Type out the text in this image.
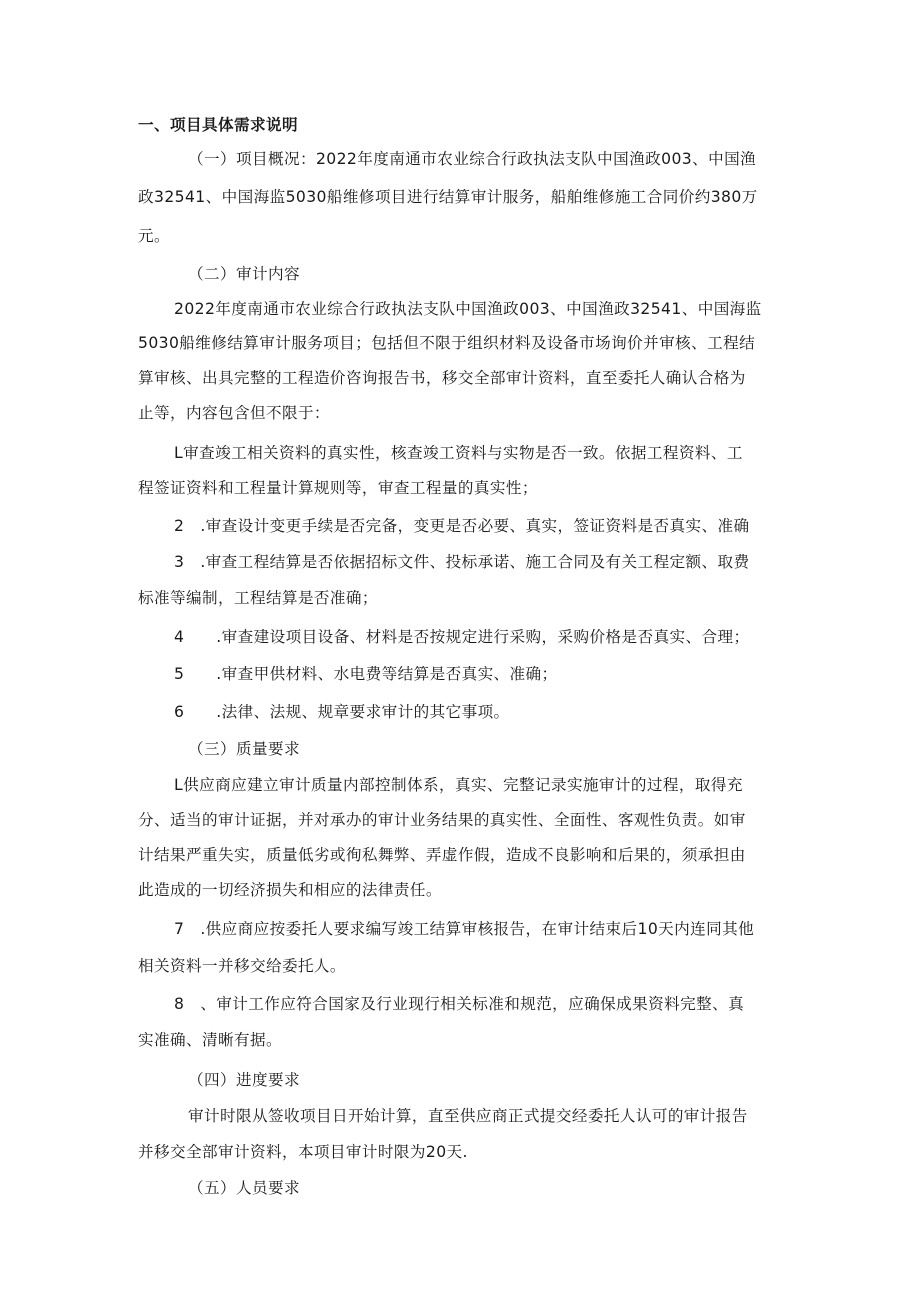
一、项目具体需求说明
（一）项目概况：2022年度南通市农业综合行政执法支队中国渔政003、中国渔
政32541、中国海监5030船维修项目进行结算审计服务，船舶维修施工合同价约380万
元。
（二）审计内容
2022年度南通市农业综合行政执法支队中国渔政003、中国渔政32541、中国海监
5030船维修结算审计服务项目；包括但不限于组织材料及设备市场询价并审核、工程结
算审核、出具完整的工程造价咨询报告书，移交全部审计资料，直至委托人确认合格为
止等，内容包含但不限于：
L审查竣工相关资料的真实性，核查竣工资料与实物是否一致。依据工程资料、工
程签证资料和工程量计算规则等，审查工程量的真实性；
2　.审查设计变更手续是否完备，变更是否必要、真实，签证资料是否真实、准确
3　.审查工程结算是否依据招标文件、投标承诺、施工合同及有关工程定额、取费
标准等编制，工程结算是否准确；
4　　.审查建设项目设备、材料是否按规定进行采购，采购价格是否真实、合理；
5　　.审查甲供材料、水电费等结算是否真实、准确；
6　　.法律、法规、规章要求审计的其它事项。
（三）质量要求
L供应商应建立审计质量内部控制体系，真实、完整记录实施审计的过程，取得充
分、适当的审计证据，并对承办的审计业务结果的真实性、全面性、客观性负责。如审
计结果严重失实，质量低劣或徇私舞弊、弄虚作假，造成不良影响和后果的，须承担由
此造成的一切经济损失和相应的法律责任。
7　.供应商应按委托人要求编写竣工结算审核报告，在审计结束后10天内连同其他
相关资料一并移交给委托人。
8　、审计工作应符合国家及行业现行相关标准和规范，应确保成果资料完整、真
实准确、清晰有据。
（四）进度要求
审计时限从签收项目日开始计算，直至供应商正式提交经委托人认可的审计报告
并移交全部审计资料，本项目审计时限为20天.
（五）人员要求
